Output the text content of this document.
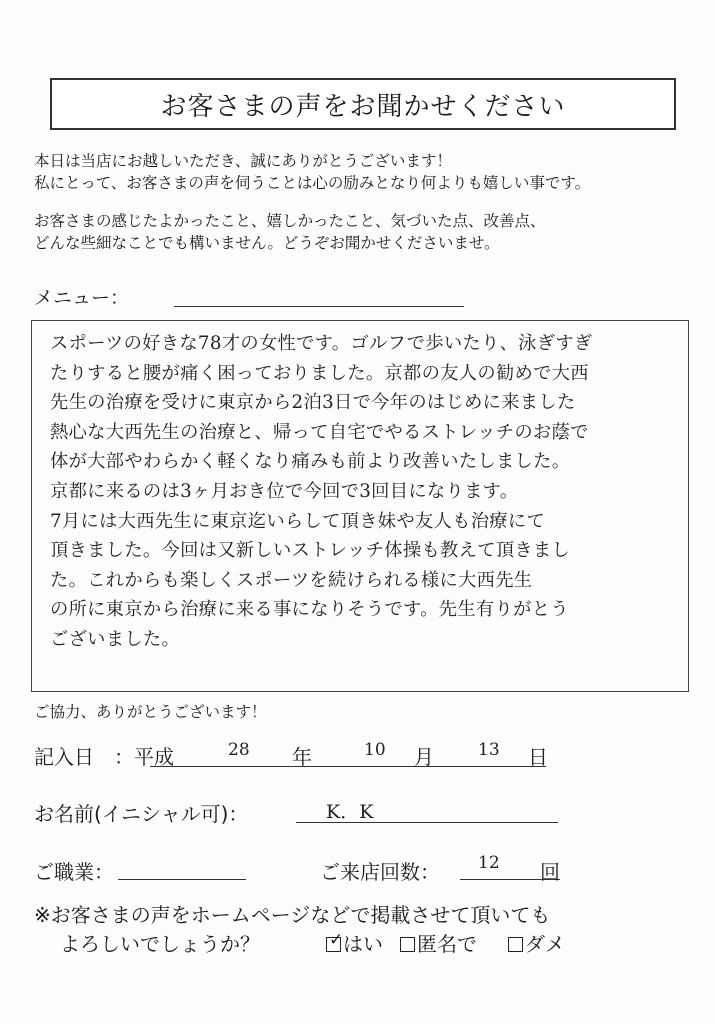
お客さまの声をお聞かせください
本日は当店にお越しいただき、誠にありがとうございます！
私にとって、お客さまの声を伺うことは心の励みとなり何よりも嬉しい事です。
お客さまの感じたよかったこと、嬉しかったこと、気づいた点、改善点、
どんな些細なことでも構いません。どうぞお聞かせくださいませ。
メニュー：
スポーツの好きな78才の女性です。ゴルフで歩いたり、泳ぎすぎ
たりすると腰が痛く困っておりました。京都の友人の勧めで大西
先生の治療を受けに東京から2泊3日で今年のはじめに来ました
熱心な大西先生の治療と、帰って自宅でやるストレッチのお蔭で
体が大部やわらかく軽くなり痛みも前より改善いたしました。
京都に来るのは3ヶ月おき位で今回で3回目になります。
7月には大西先生に東京迄いらして頂き妹や友人も治療にて
頂きました。今回は又新しいストレッチ体操も教えて頂きまし
た。これからも楽しくスポーツを続けられる様に大西先生
の所に東京から治療に来る事になりそうです。先生有りがとう
ございました。
ご協力、ありがとうございます！
記入日　：平成	28 年	10 月	13 日
お名前(イニシャル可)：	K．K
ご職業：	ご来店回数： 12 回
※お客さまの声をホームページなどで掲載させて頂いても
よろしいでしょうか？	✓ はい	匿名で	ダメ
